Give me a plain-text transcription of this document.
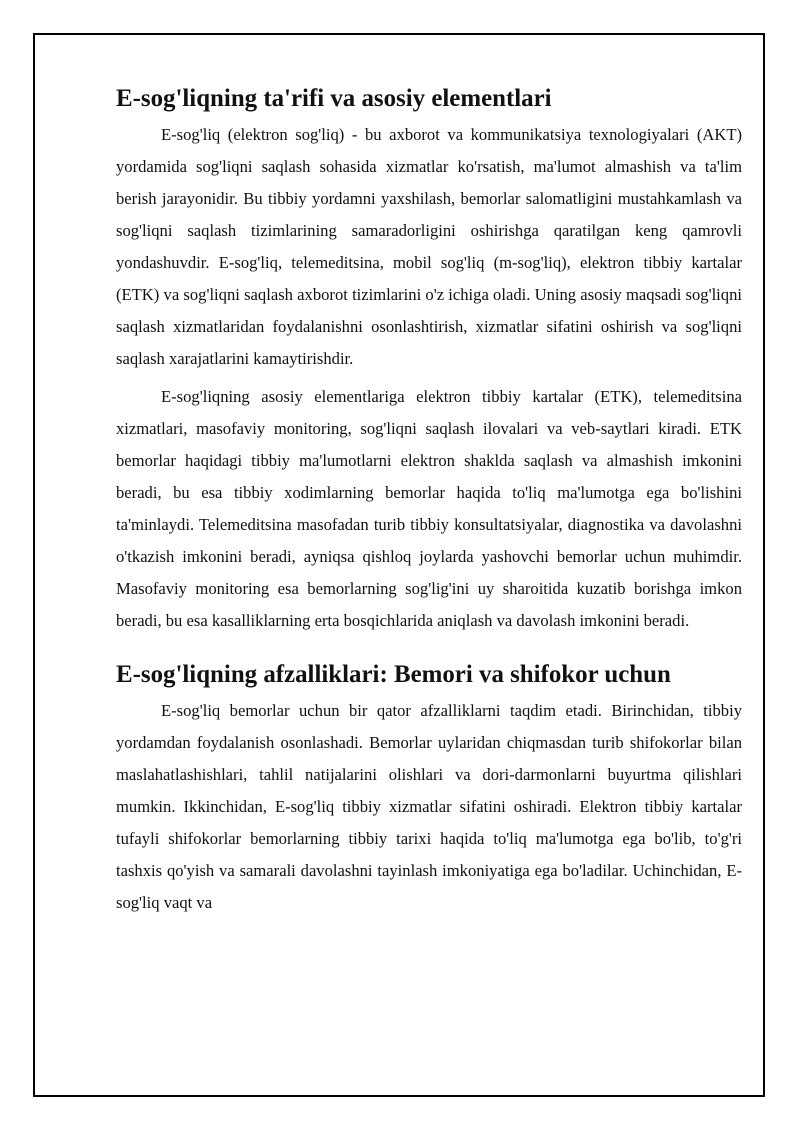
E-sog'liqning ta'rifi va asosiy elementlari

E-sog'liq (elektron sog'liq) - bu axborot va kommunikatsiya texnologiyalari (AKT) yordamida sog'liqni saqlash sohasida xizmatlar ko'rsatish, ma'lumot almashish va ta'lim berish jarayonidir. Bu tibbiy yordamni yaxshilash, bemorlar salomatligini mustahkamlash va sog'liqni saqlash tizimlarining samaradorligini oshirishga qaratilgan keng qamrovli yondashuvdir. E-sog'liq, telemeditsina, mobil sog'liq (m-sog'liq), elektron tibbiy kartalar (ETK) va sog'liqni saqlash axborot tizimlarini o'z ichiga oladi. Uning asosiy maqsadi sog'liqni saqlash xizmatlaridan foydalanishni osonlashtirish, xizmatlar sifatini oshirish va sog'liqni saqlash xarajatlarini kamaytirishdir.

E-sog'liqning asosiy elementlariga elektron tibbiy kartalar (ETK), telemeditsina xizmatlari, masofaviy monitoring, sog'liqni saqlash ilovalari va veb-saytlari kiradi. ETK bemorlar haqidagi tibbiy ma'lumotlarni elektron shaklda saqlash va almashish imkonini beradi, bu esa tibbiy xodimlarning bemorlar haqida to'liq ma'lumotga ega bo'lishini ta'minlaydi. Telemeditsina masofadan turib tibbiy konsultatsiyalar, diagnostika va davolashni o'tkazish imkonini beradi, ayniqsa qishloq joylarda yashovchi bemorlar uchun muhimdir. Masofaviy monitoring esa bemorlarning sog'lig'ini uy sharoitida kuzatib borishga imkon beradi, bu esa kasalliklarning erta bosqichlarida aniqlash va davolash imkonini beradi.

E-sog'liqning afzalliklari: Bemori va shifokor uchun

E-sog'liq bemorlar uchun bir qator afzalliklarni taqdim etadi. Birinchidan, tibbiy yordamdan foydalanish osonlashadi. Bemorlar uylaridan chiqmasdan turib shifokorlar bilan maslahatlashishlari, tahlil natijalarini olishlari va dori-darmonlarni buyurtma qilishlari mumkin. Ikkinchidan, E-sog'liq tibbiy xizmatlar sifatini oshiradi. Elektron tibbiy kartalar tufayli shifokorlar bemorlarning tibbiy tarixi haqida to'liq ma'lumotga ega bo'lib, to'g'ri tashxis qo'yish va samarali davolashni tayinlash imkoniyatiga ega bo'ladilar. Uchinchidan, E-sog'liq vaqt va
